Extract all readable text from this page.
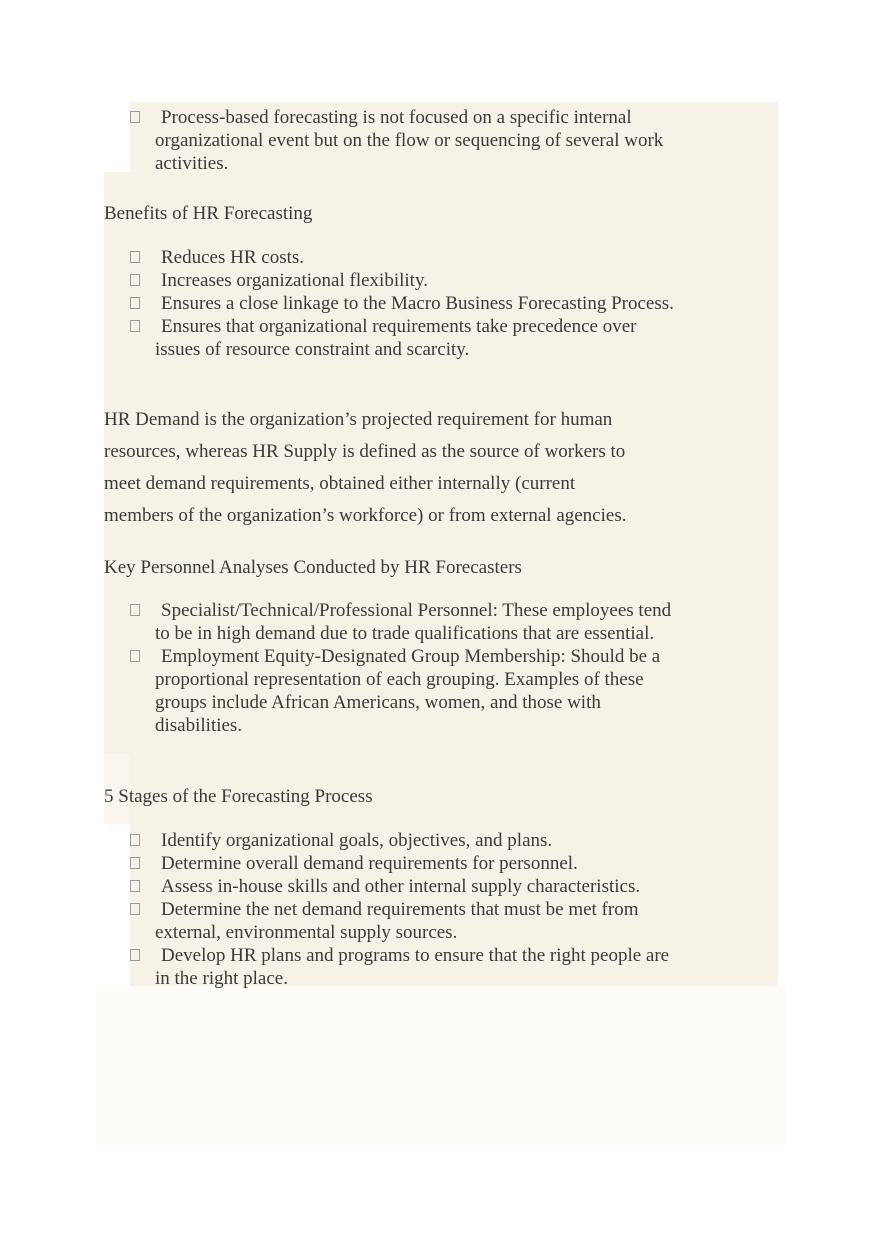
Process-based forecasting is not focused on a specific internal organizational event but on the flow or sequencing of several work activities.
Benefits of HR Forecasting
Reduces HR costs.
Increases organizational flexibility.
Ensures a close linkage to the Macro Business Forecasting Process.
Ensures that organizational requirements take precedence over issues of resource constraint and scarcity.
HR Demand is the organization’s projected requirement for human resources, whereas HR Supply is defined as the source of workers to meet demand requirements, obtained either internally (current members of the organization’s workforce) or from external agencies.
Key Personnel Analyses Conducted by HR Forecasters
Specialist/Technical/Professional Personnel: These employees tend to be in high demand due to trade qualifications that are essential.
Employment Equity-Designated Group Membership: Should be a proportional representation of each grouping. Examples of these groups include African Americans, women, and those with disabilities.
5 Stages of the Forecasting Process
Identify organizational goals, objectives, and plans.
Determine overall demand requirements for personnel.
Assess in-house skills and other internal supply characteristics.
Determine the net demand requirements that must be met from external, environmental supply sources.
Develop HR plans and programs to ensure that the right people are in the right place.
